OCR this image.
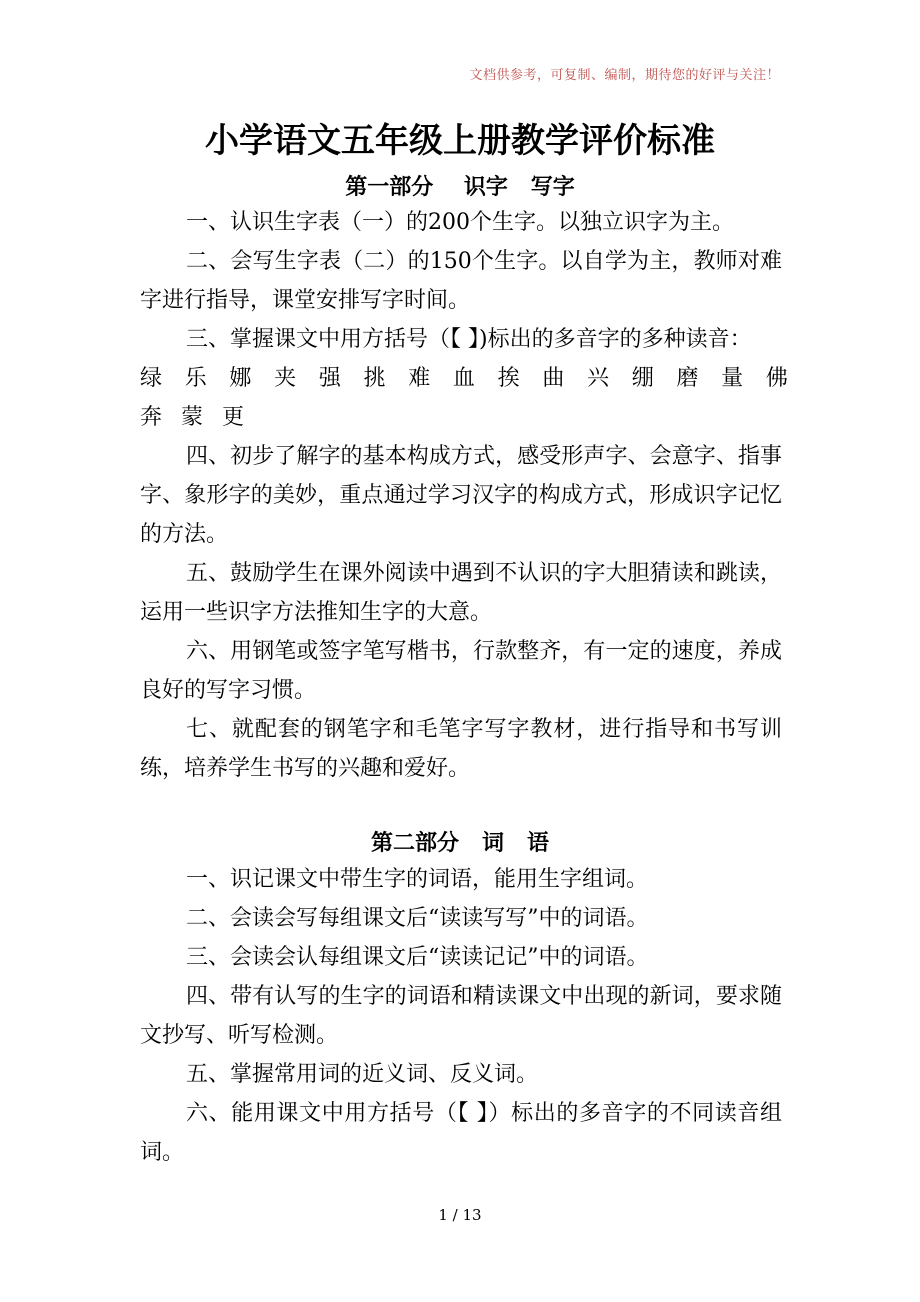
文档供参考，可复制、编制，期待您的好评与关注！
小学语文五年级上册教学评价标准
第一部分    识字   写字
一、认识生字表（一）的200个生字。以独立识字为主。
二、会写生字表（二）的150个生字。以自学为主，教师对难字进行指导，课堂安排写字时间。
三、掌握课文中用方括号（【 】)标出的多音字的多种读音：
绿 乐 娜 夹 强 挑 难 血 挨 曲 兴 绷 磨 量 佛
奔 蒙 更
四、初步了解字的基本构成方式，感受形声字、会意字、指事字、象形字的美妙，重点通过学习汉字的构成方式，形成识字记忆的方法。
五、鼓励学生在课外阅读中遇到不认识的字大胆猜读和跳读，运用一些识字方法推知生字的大意。
六、用钢笔或签字笔写楷书，行款整齐，有一定的速度，养成良好的写字习惯。
七、就配套的钢笔字和毛笔字写字教材，进行指导和书写训练，培养学生书写的兴趣和爱好。
第二部分   词   语
一、识记课文中带生字的词语，能用生字组词。
二、会读会写每组课文后“读读写写”中的词语。
三、会读会认每组课文后“读读记记”中的词语。
四、带有认写的生字的词语和精读课文中出现的新词，要求随文抄写、听写检测。
五、掌握常用词的近义词、反义词。
六、能用课文中用方括号（【 】）标出的多音字的不同读音组词。
1 / 13
